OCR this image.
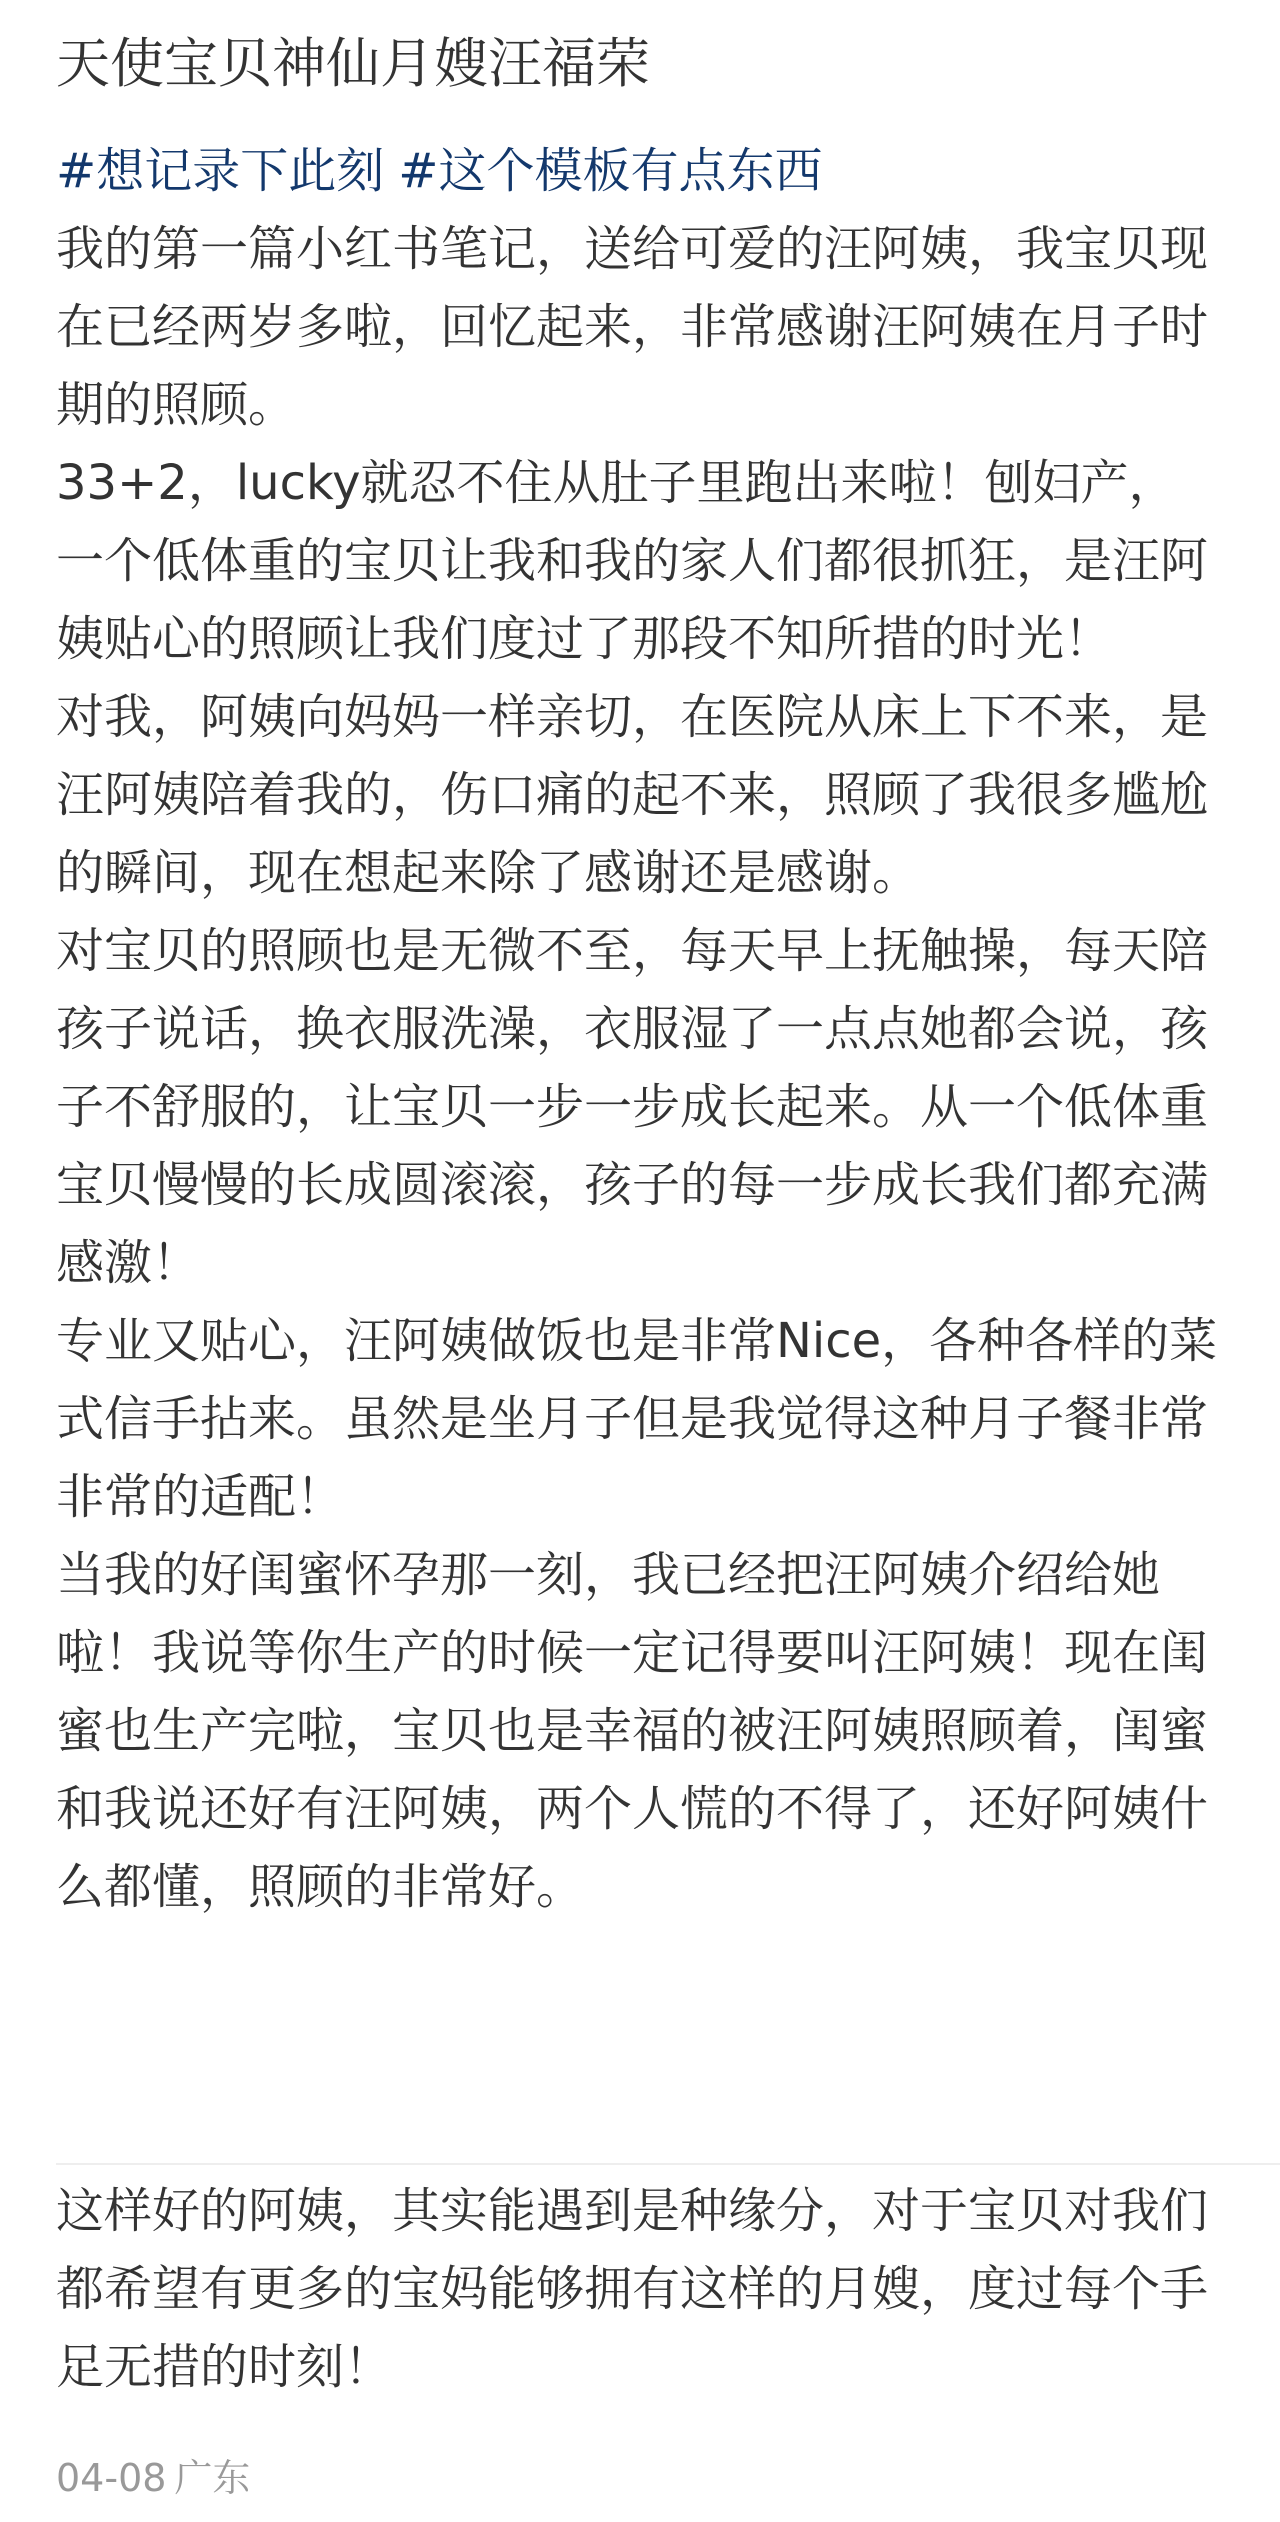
天使宝贝神仙月嫂汪福荣
#想记录下此刻 #这个模板有点东西

我的第一篇小红书笔记，送给可爱的汪阿姨，我宝贝现在已经两岁多啦，回忆起来，非常感谢汪阿姨在月子时期的照顾。

33+2，lucky就忍不住从肚子里跑出来啦！刨妇产，一个低体重的宝贝让我和我的家人们都很抓狂，是汪阿姨贴心的照顾让我们度过了那段不知所措的时光！

对我，阿姨向妈妈一样亲切，在医院从床上下不来，是汪阿姨陪着我的，伤口痛的起不来，照顾了我很多尴尬的瞬间，现在想起来除了感谢还是感谢。

对宝贝的照顾也是无微不至，每天早上抚触操，每天陪孩子说话，换衣服洗澡，衣服湿了一点点她都会说，孩子不舒服的，让宝贝一步一步成长起来。从一个低体重宝贝慢慢的长成圆滚滚，孩子的每一步成长我们都充满感激！

专业又贴心，汪阿姨做饭也是非常Nice，各种各样的菜式信手拈来。虽然是坐月子但是我觉得这种月子餐非常非常的适配！

当我的好闺蜜怀孕那一刻，我已经把汪阿姨介绍给她啦！我说等你生产的时候一定记得要叫汪阿姨！现在闺蜜也生产完啦，宝贝也是幸福的被汪阿姨照顾着，闺蜜和我说还好有汪阿姨，两个人慌的不得了，还好阿姨什么都懂，照顾的非常好。

这样好的阿姨，其实能遇到是种缘分，对于宝贝对我们都希望有更多的宝妈能够拥有这样的月嫂，度过每个手足无措的时刻！

04-08 广东
